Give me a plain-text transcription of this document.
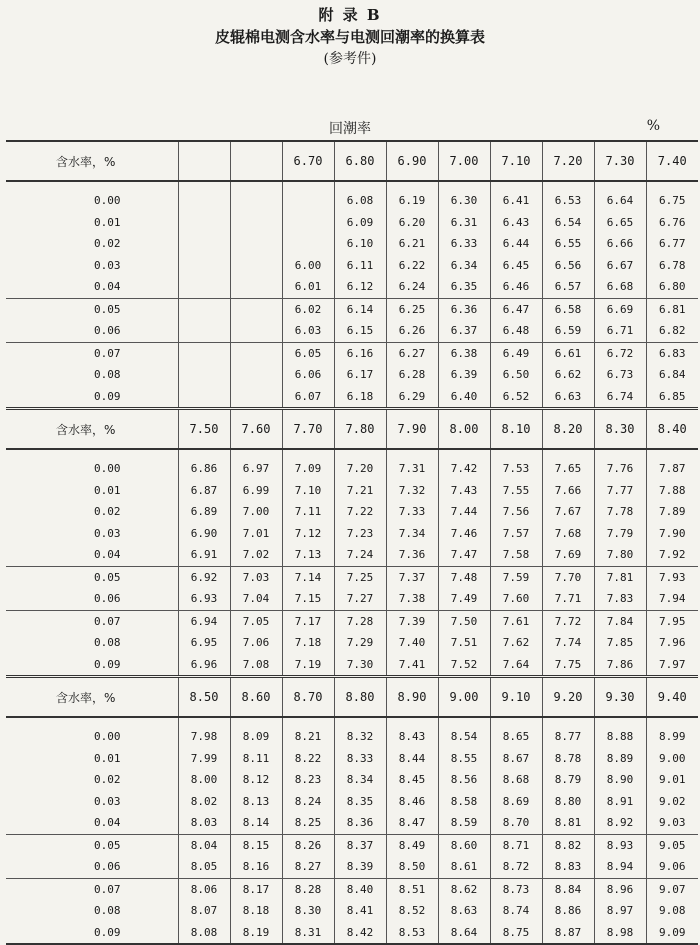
附 录 B
皮辊棉电测含水率与电测回潮率的换算表
(参考件)
回潮率	%
含水率，%			6.70	6.80	6.90	7.00	7.10	7.20	7.30	7.40
0.00				6.08	6.19	6.30	6.41	6.53	6.64	6.75
0.01				6.09	6.20	6.31	6.43	6.54	6.65	6.76
0.02				6.10	6.21	6.33	6.44	6.55	6.66	6.77
0.03			6.00	6.11	6.22	6.34	6.45	6.56	6.67	6.78
0.04			6.01	6.12	6.24	6.35	6.46	6.57	6.68	6.80
0.05			6.02	6.14	6.25	6.36	6.47	6.58	6.69	6.81
0.06			6.03	6.15	6.26	6.37	6.48	6.59	6.71	6.82
0.07			6.05	6.16	6.27	6.38	6.49	6.61	6.72	6.83
0.08			6.06	6.17	6.28	6.39	6.50	6.62	6.73	6.84
0.09			6.07	6.18	6.29	6.40	6.52	6.63	6.74	6.85
含水率，%	7.50	7.60	7.70	7.80	7.90	8.00	8.10	8.20	8.30	8.40
0.00	6.86	6.97	7.09	7.20	7.31	7.42	7.53	7.65	7.76	7.87
0.01	6.87	6.99	7.10	7.21	7.32	7.43	7.55	7.66	7.77	7.88
0.02	6.89	7.00	7.11	7.22	7.33	7.44	7.56	7.67	7.78	7.89
0.03	6.90	7.01	7.12	7.23	7.34	7.46	7.57	7.68	7.79	7.90
0.04	6.91	7.02	7.13	7.24	7.36	7.47	7.58	7.69	7.80	7.92
0.05	6.92	7.03	7.14	7.25	7.37	7.48	7.59	7.70	7.81	7.93
0.06	6.93	7.04	7.15	7.27	7.38	7.49	7.60	7.71	7.83	7.94
0.07	6.94	7.05	7.17	7.28	7.39	7.50	7.61	7.72	7.84	7.95
0.08	6.95	7.06	7.18	7.29	7.40	7.51	7.62	7.74	7.85	7.96
0.09	6.96	7.08	7.19	7.30	7.41	7.52	7.64	7.75	7.86	7.97
含水率，%	8.50	8.60	8.70	8.80	8.90	9.00	9.10	9.20	9.30	9.40
0.00	7.98	8.09	8.21	8.32	8.43	8.54	8.65	8.77	8.88	8.99
0.01	7.99	8.11	8.22	8.33	8.44	8.55	8.67	8.78	8.89	9.00
0.02	8.00	8.12	8.23	8.34	8.45	8.56	8.68	8.79	8.90	9.01
0.03	8.02	8.13	8.24	8.35	8.46	8.58	8.69	8.80	8.91	9.02
0.04	8.03	8.14	8.25	8.36	8.47	8.59	8.70	8.81	8.92	9.03
0.05	8.04	8.15	8.26	8.37	8.49	8.60	8.71	8.82	8.93	9.05
0.06	8.05	8.16	8.27	8.39	8.50	8.61	8.72	8.83	8.94	9.06
0.07	8.06	8.17	8.28	8.40	8.51	8.62	8.73	8.84	8.96	9.07
0.08	8.07	8.18	8.30	8.41	8.52	8.63	8.74	8.86	8.97	9.08
0.09	8.08	8.19	8.31	8.42	8.53	8.64	8.75	8.87	8.98	9.09
